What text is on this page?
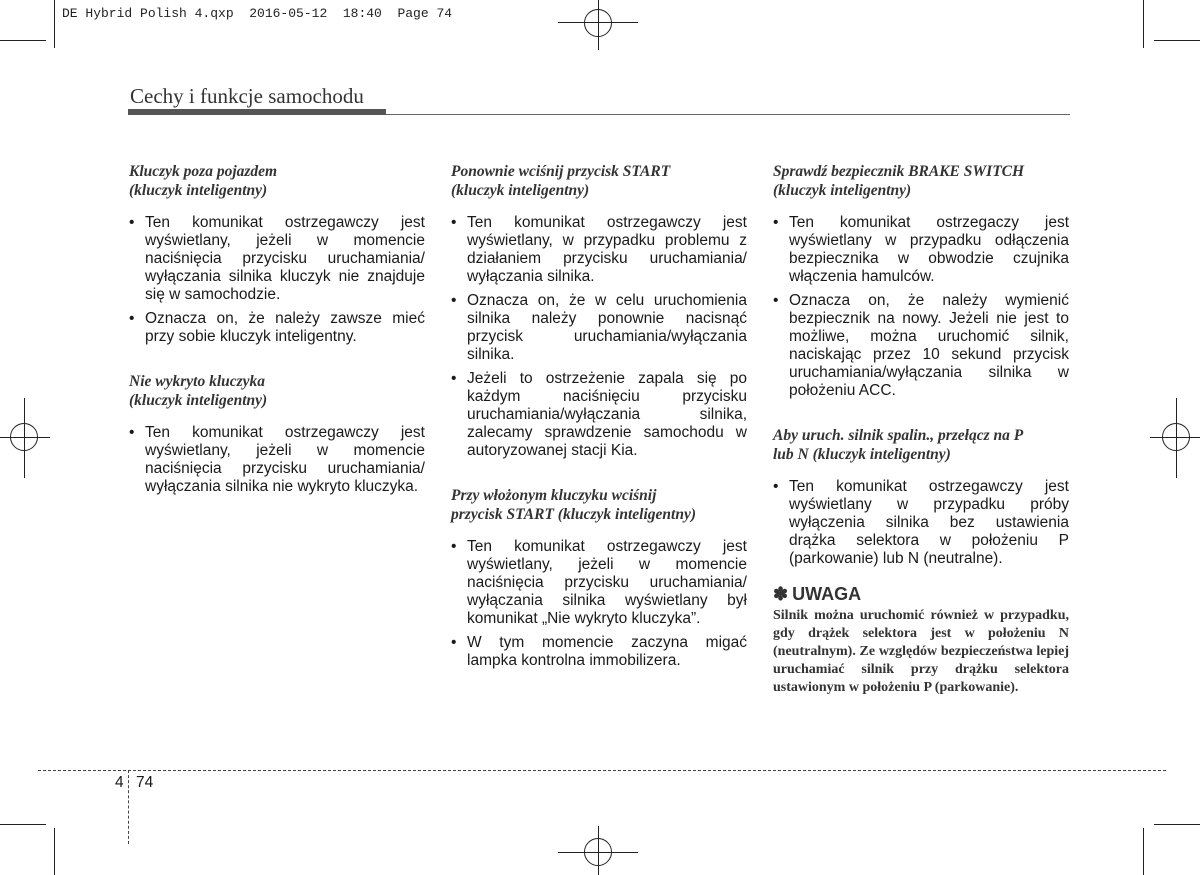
DE Hybrid Polish 4.qxp  2016-05-12  18:40  Page 74
Cechy i funkcje samochodu
Kluczyk poza pojazdem
(kluczyk inteligentny)
• Ten komunikat ostrzegawczy jest wyświetlany, jeżeli w momencie naciśnięcia przycisku uruchamiania/ wyłączania silnika kluczyk nie znajduje się w samochodzie.
• Oznacza on, że należy zawsze mieć przy sobie kluczyk inteligentny.
Nie wykryto kluczyka
(kluczyk inteligentny)
• Ten komunikat ostrzegawczy jest wyświetlany, jeżeli w momencie naciśnięcia przycisku uruchamiania/ wyłączania silnika nie wykryto kluczyka.
Ponownie wciśnij przycisk START
(kluczyk inteligentny)
• Ten komunikat ostrzegawczy jest wyświetlany, w przypadku problemu z działaniem przycisku uruchamiania/ wyłączania silnika.
• Oznacza on, że w celu uruchomienia silnika należy ponownie nacisnąć przycisk uruchamiania/wyłączania silnika.
• Jeżeli to ostrzeżenie zapala się po każdym naciśnięciu przycisku uruchamiania/wyłączania silnika, zalecamy sprawdzenie samochodu w autoryzowanej stacji Kia.
Przy włożonym kluczyku wciśnij
przycisk START (kluczyk inteligentny)
• Ten komunikat ostrzegawczy jest wyświetlany, jeżeli w momencie naciśnięcia przycisku uruchamiania/ wyłączania silnika wyświetlany był komunikat „Nie wykryto kluczyka”.
• W tym momencie zaczyna migać lampka kontrolna immobilizera.
Sprawdź bezpiecznik BRAKE SWITCH
(kluczyk inteligentny)
• Ten komunikat ostrzegaczy jest wyświetlany w przypadku odłączenia bezpiecznika w obwodzie czujnika włączenia hamulców.
• Oznacza on, że należy wymienić bezpiecznik na nowy. Jeżeli nie jest to możliwe, można uruchomić silnik, naciskając przez 10 sekund przycisk uruchamiania/wyłączania silnika w położeniu ACC.
Aby uruch. silnik spalin., przełącz na P
lub N (kluczyk inteligentny)
• Ten komunikat ostrzegawczy jest wyświetlany w przypadku próby wyłączenia silnika bez ustawienia drążka selektora w położeniu P (parkowanie) lub N (neutralne).
✽ UWAGA
Silnik można uruchomić również w przypadku, gdy drążek selektora jest w położeniu N (neutralnym). Ze względów bezpieczeństwa lepiej uruchamiać silnik przy drążku selektora ustawionym w położeniu P (parkowanie).
4 74
